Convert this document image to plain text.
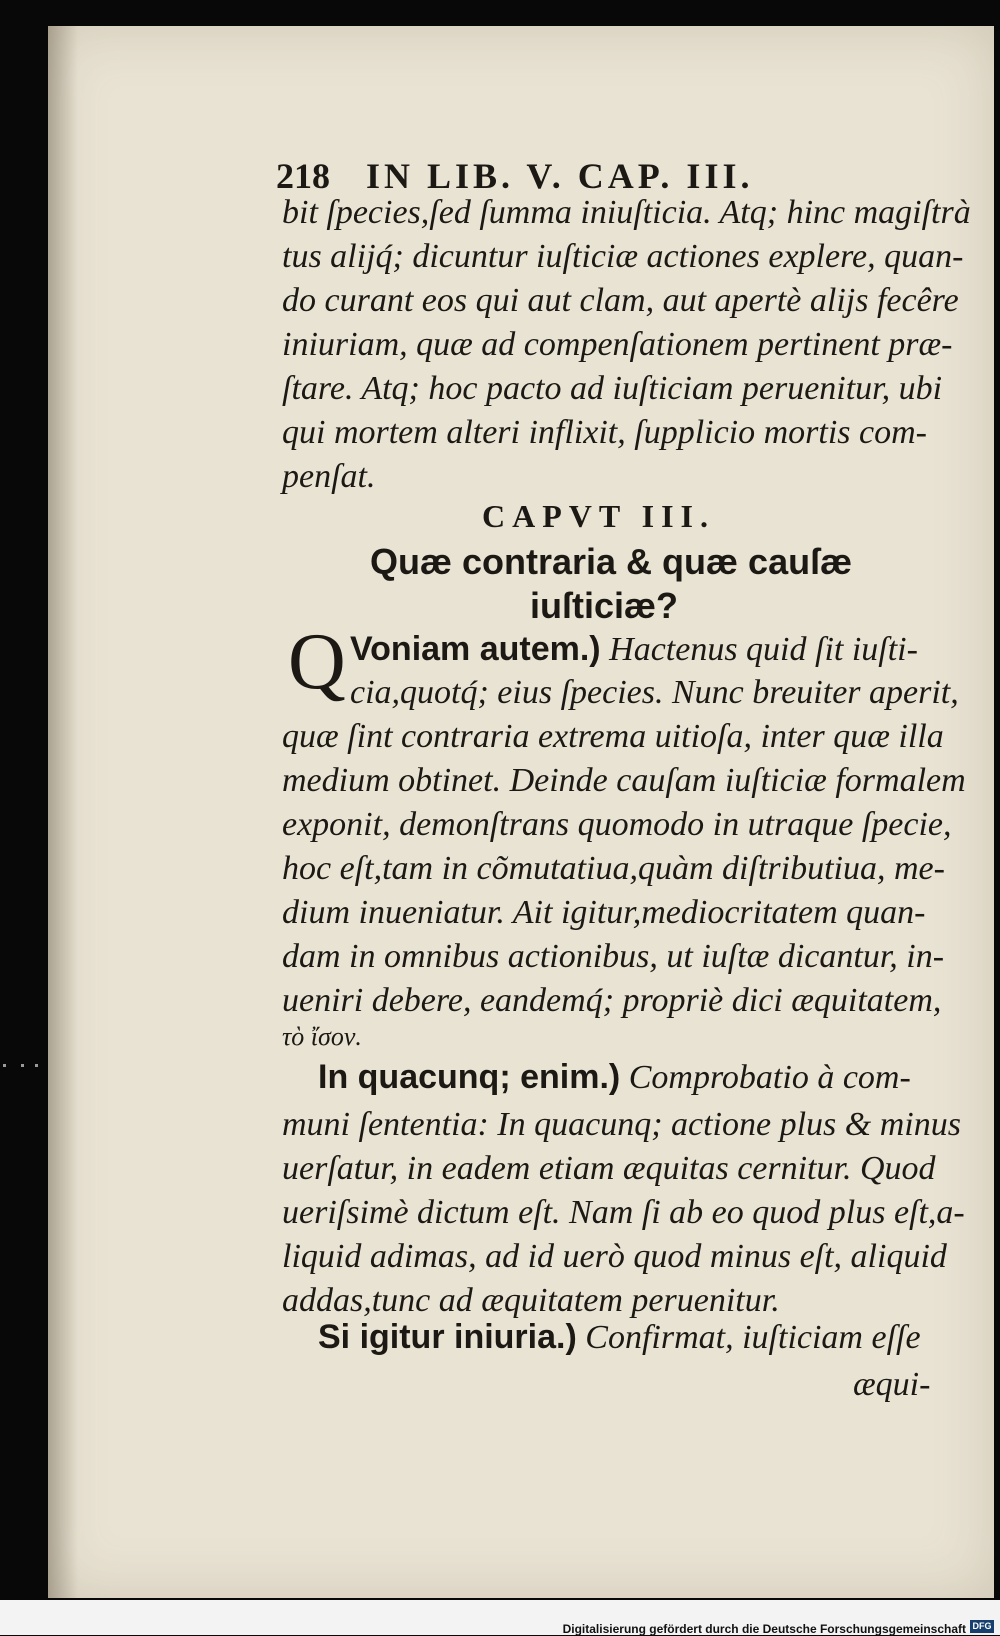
218 IN LIB. V. CAP. III.
bit ſpecies,ſed ſumma iniuſticia. Atq; hinc magiſtrà
tus alijq́; dicuntur iuſticiæ actiones explere, quan-
do curant eos qui aut clam, aut apertè alijs fecêre
iniuriam, quæ ad compenſationem pertinent præ-
ſtare. Atq; hoc pacto ad iuſticiam peruenitur, ubi
qui mortem alteri inflixit, ſupplicio mortis com-
penſat.
CAPVT III.
Quæ contraria & quæ cauſæ
iuſticiæ?
Q Voniam autem.) Hactenus quid ſit iuſti-
cia,quotq́; eius ſpecies. Nunc breuiter aperit,
quæ ſint contraria extrema uitioſa, inter quæ illa
medium obtinet. Deinde cauſam iuſticiæ formalem
exponit, demonſtrans quomodo in utraque ſpecie,
hoc eſt,tam in cõmutatiua,quàm diſtributiua, me-
dium inueniatur. Ait igitur,mediocritatem quan-
dam in omnibus actionibus, ut iuſtæ dicantur, in-
ueniri debere, eandemq́; propriè dici æquitatem,
τὸ ἴσον.
In quacunq; enim.) Comprobatio à com-
muni ſententia: In quacunq; actione plus & minus
uerſatur, in eadem etiam æquitas cernitur. Quod
ueriſsimè dictum eſt. Nam ſi ab eo quod plus eſt,a-
liquid adimas, ad id uerò quod minus eſt, aliquid
addas,tunc ad æquitatem peruenitur.
Si igitur iniuria.) Confirmat, iuſticiam eſſe
æqui-
Digitalisierung gefördert durch die Deutsche Forschungsgemeinschaft DFG
